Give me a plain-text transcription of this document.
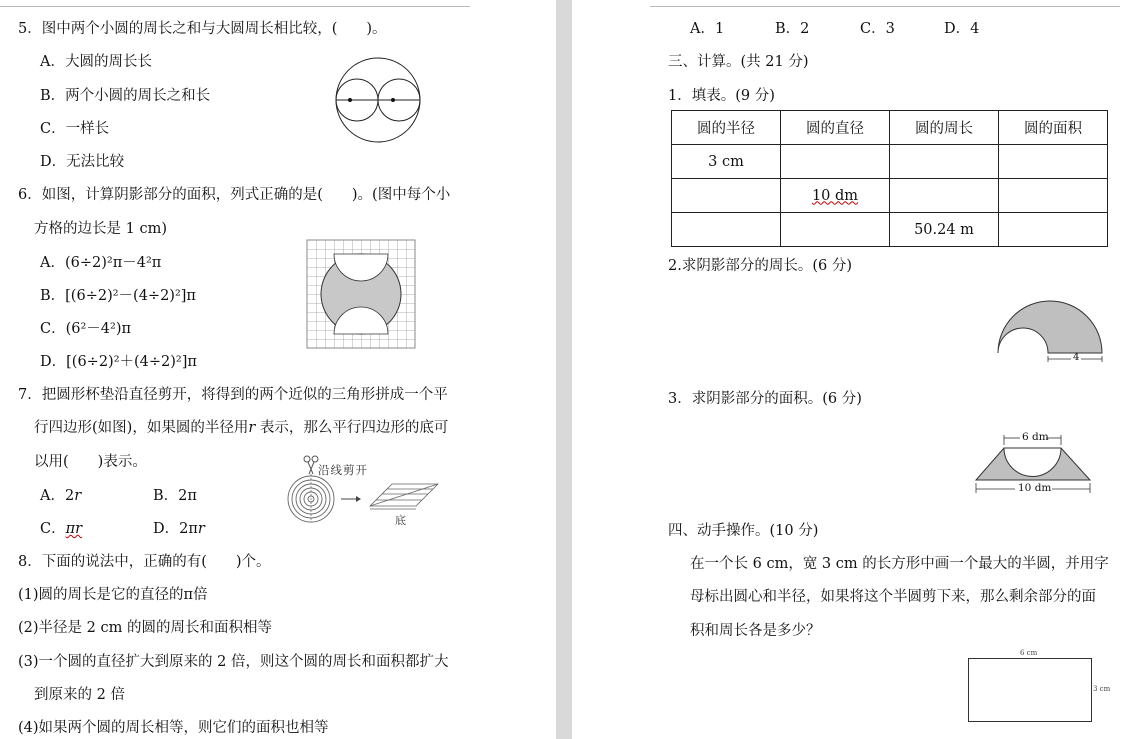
5．图中两个小圆的周长之和与大圆周长相比较，(　　)。
A．大圆的周长长
B．两个小圆的周长之和长
C．一样长
D．无法比较
6．如图，计算阴影部分的面积，列式正确的是(　　)。(图中每个小
方格的边长是 1 cm)
A．(6÷2)²π－4²π
B．[(6÷2)²－(4÷2)²]π
C．(6²－4²)π
D．[(6÷2)²＋(4÷2)²]π
7．把圆形杯垫沿直径剪开，将得到的两个近似的三角形拼成一个平
行四边形(如图)，如果圆的半径用r 表示，那么平行四边形的底可
以用(　　)表示。
A．2r	B．2π
C．πr	D．2πr
沿线剪开
底
8．下面的说法中，正确的有(　　)个。
(1)圆的周长是它的直径的π倍
(2)半径是 2 cm 的圆的周长和面积相等
(3)一个圆的直径扩大到原来的 2 倍，则这个圆的周长和面积都扩大
到原来的 2 倍
(4)如果两个圆的周长相等，则它们的面积也相等
A．1	B．2	C．3	D．4
三、计算。(共 21 分)
1．填表。(9 分)
圆的半径	圆的直径	圆的周长	圆的面积
3 cm			
	10 dm		
		50.24 m	
2.求阴影部分的周长。(6 分)
4
3．求阴影部分的面积。(6 分)
6 dm
10 dm
四、动手操作。(10 分)
在一个长 6 cm，宽 3 cm 的长方形中画一个最大的半圆，并用字
母标出圆心和半径，如果将这个半圆剪下来，那么剩余部分的面
积和周长各是多少？
6 cm
3 cm
